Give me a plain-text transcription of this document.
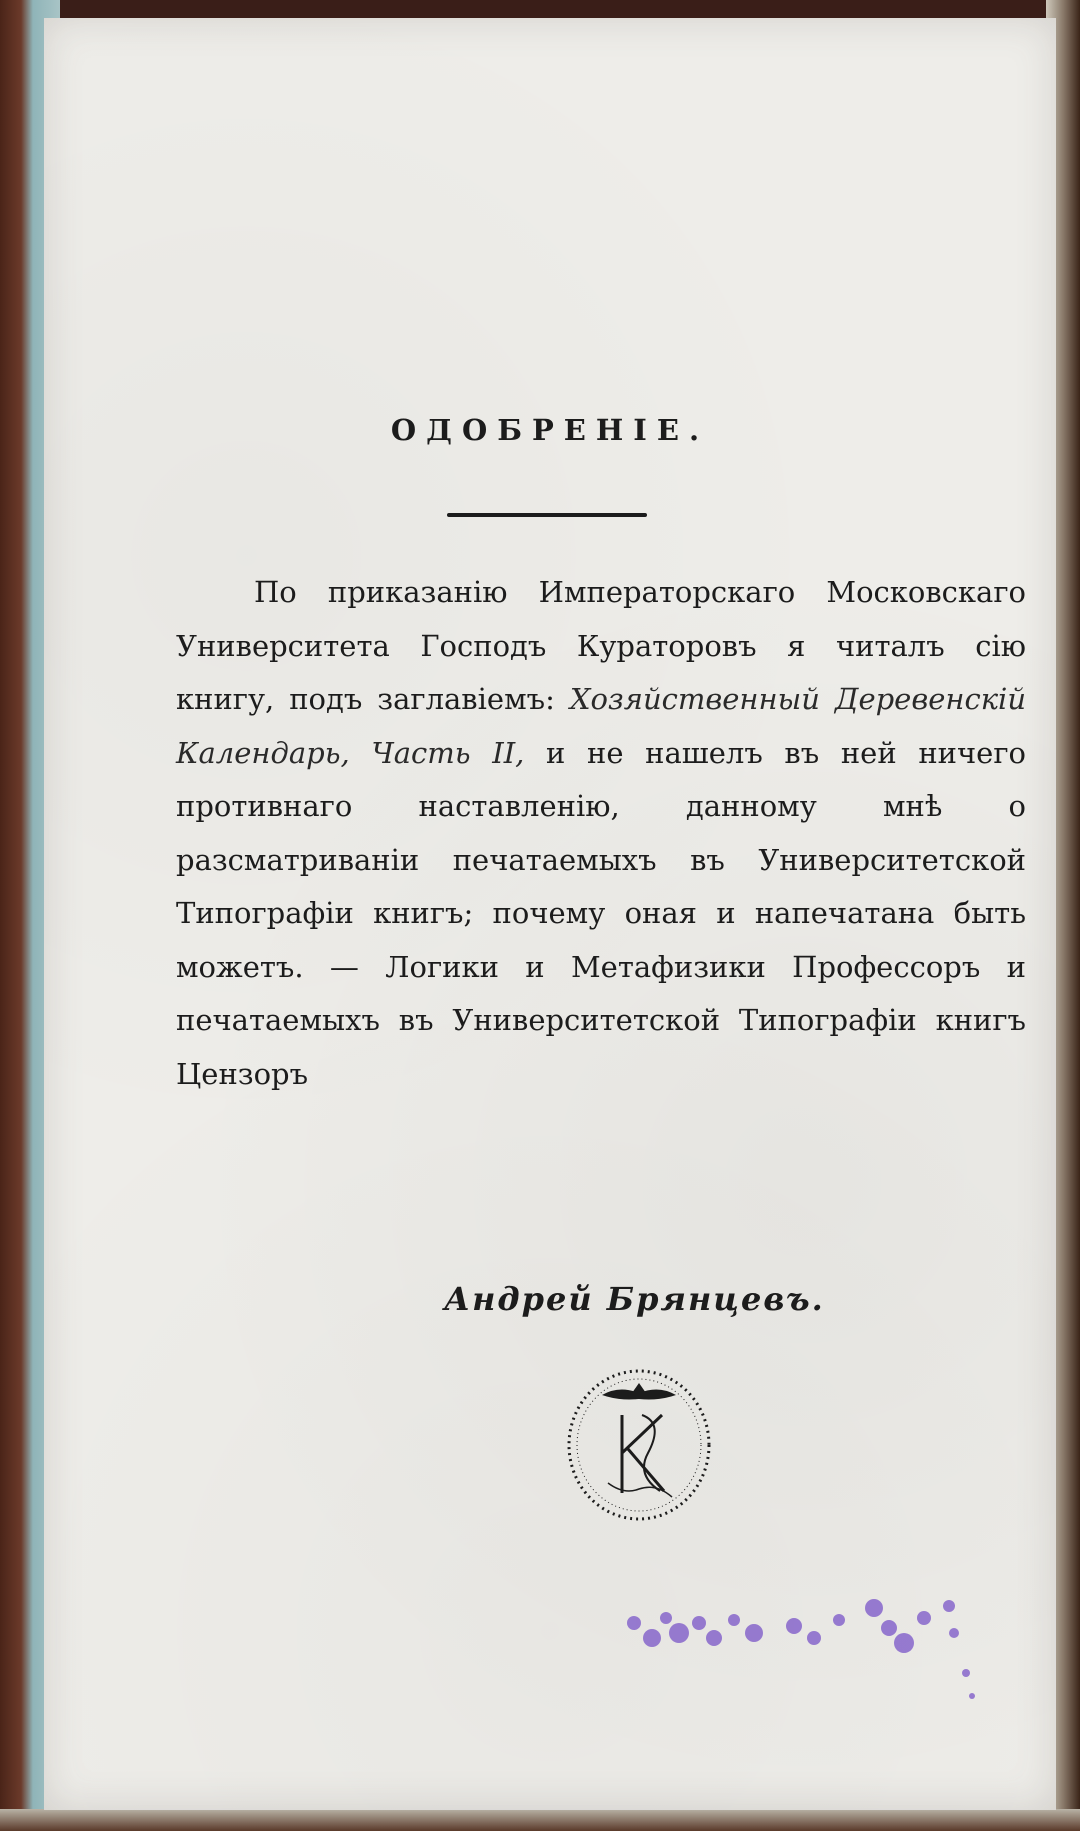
ОДОБРЕНІЕ.
По приказанію Императорскаго Московскаго Университета Господъ Кураторовъ я читалъ сію книгу, подъ заглавіемъ: Хозяйственный Деревенскій Календарь, Часть II, и не нашелъ въ ней ничего противнаго наставленію, данному мнѣ о разсматриваніи печатаемыхъ въ Университетской Типографіи книгъ; почему оная и напечатана быть можетъ. — Логики и Метафизики Профессоръ и печатаемыхъ въ Университетской Типографіи книгъ Цензоръ
Андрей Брянцевъ.
